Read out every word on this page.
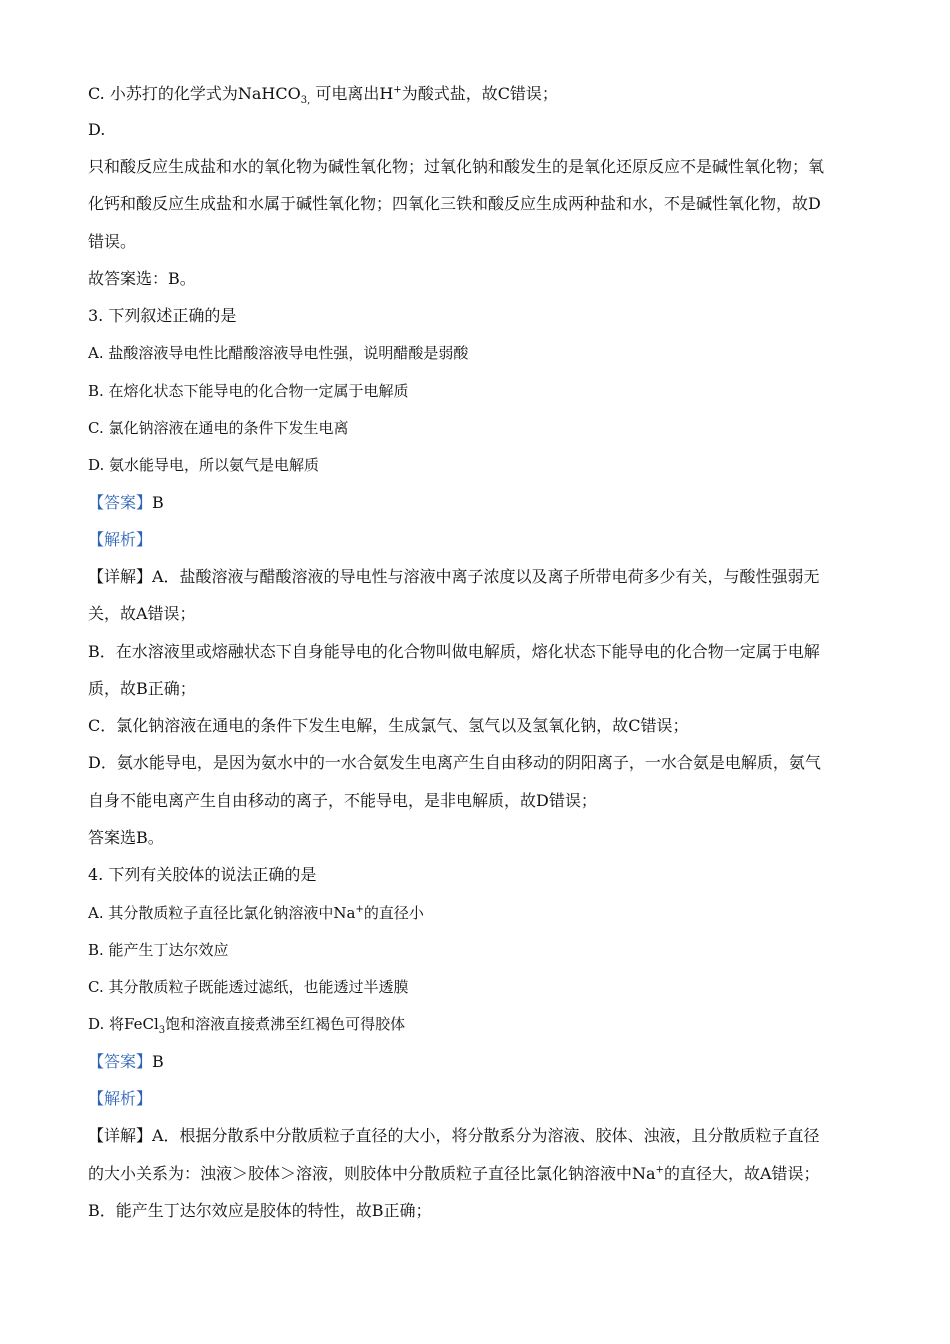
C. 小苏打的化学式为NaHCO$_{3,}$ 可电离出H+为酸式盐，故C错误；
D.
只和酸反应生成盐和水的氧化物为碱性氧化物；过氧化钠和酸发生的是氧化还原反应不是碱性氧化物；氧
化钙和酸反应生成盐和水属于碱性氧化物；四氧化三铁和酸反应生成两种盐和水，不是碱性氧化物，故D
错误。
故答案选：B。
3. 下列叙述正确的是
A. 盐酸溶液导电性比醋酸溶液导电性强，说明醋酸是弱酸
B. 在熔化状态下能导电的化合物一定属于电解质
C. 氯化钠溶液在通电的条件下发生电离
D. 氨水能导电，所以氨气是电解质
【答案】B
【解析】
【详解】A．盐酸溶液与醋酸溶液的导电性与溶液中离子浓度以及离子所带电荷多少有关，与酸性强弱无
关，故A错误；
B．在水溶液里或熔融状态下自身能导电的化合物叫做电解质，熔化状态下能导电的化合物一定属于电解
质，故B正确；
C．氯化钠溶液在通电的条件下发生电解，生成氯气、氢气以及氢氧化钠，故C错误；
D．氨水能导电，是因为氨水中的一水合氨发生电离产生自由移动的阴阳离子，一水合氨是电解质，氨气
自身不能电离产生自由移动的离子，不能导电，是非电解质，故D错误；
答案选B。
4. 下列有关胶体的说法正确的是
A. 其分散质粒子直径比氯化钠溶液中Na+的直径小
B. 能产生丁达尔效应
C. 其分散质粒子既能透过滤纸，也能透过半透膜
D. 将FeCl$_3$饱和溶液直接煮沸至红褐色可得胶体
【答案】B
【解析】
【详解】A．根据分散系中分散质粒子直径的大小，将分散系分为溶液、胶体、浊液，且分散质粒子直径
的大小关系为：浊液＞胶体＞溶液，则胶体中分散质粒子直径比氯化钠溶液中Na+的直径大，故A错误；
B．能产生丁达尔效应是胶体的特性，故B正确；
